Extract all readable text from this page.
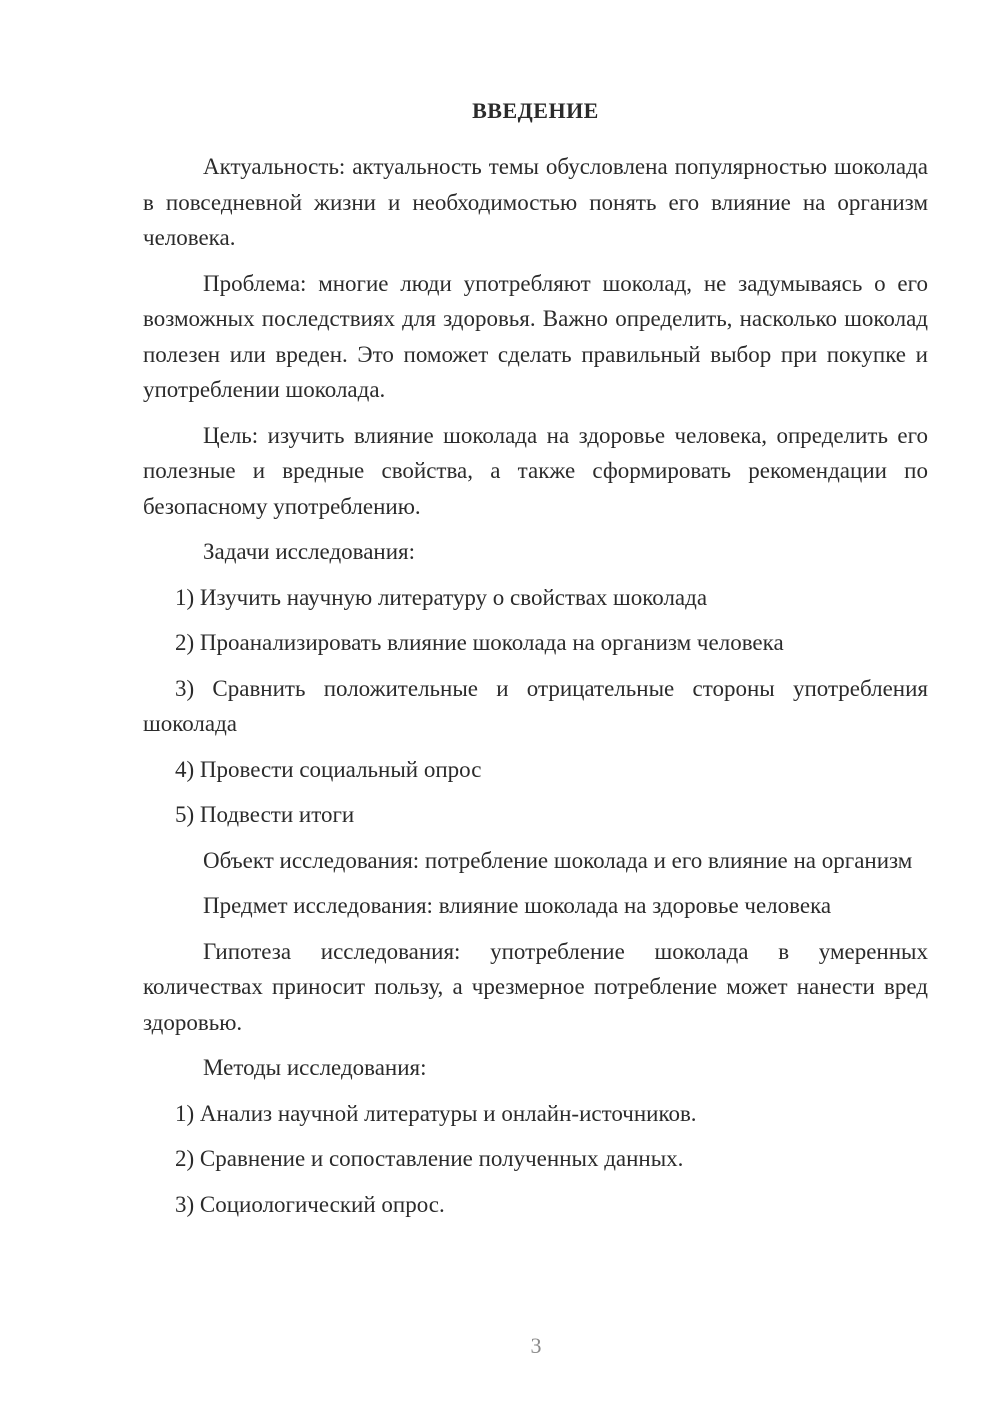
ВВЕДЕНИЕ

Актуальность: актуальность темы обусловлена популярностью шоколада в повседневной жизни и необходимостью понять его влияние на организм человека.

Проблема: многие люди употребляют шоколад, не задумываясь о его возможных последствиях для здоровья. Важно определить, насколько шоколад полезен или вреден. Это поможет сделать правильный выбор при покупке и употреблении шоколада.

Цель: изучить влияние шоколада на здоровье человека, определить его полезные и вредные свойства, а также сформировать рекомендации по безопасному употреблению.

Задачи исследования:

1) Изучить научную литературу о свойствах шоколада

2) Проанализировать влияние шоколада на организм человека

3) Сравнить положительные и отрицательные стороны употребления шоколада

4) Провести социальный опрос

5) Подвести итоги

Объект исследования: потребление шоколада и его влияние на организм

Предмет исследования: влияние шоколада на здоровье человека

Гипотеза исследования: употребление шоколада в умеренных количествах приносит пользу, а чрезмерное потребление может нанести вред здоровью.

Методы исследования:

1) Анализ научной литературы и онлайн-источников.

2) Сравнение и сопоставление полученных данных.

3) Социологический опрос.

3
